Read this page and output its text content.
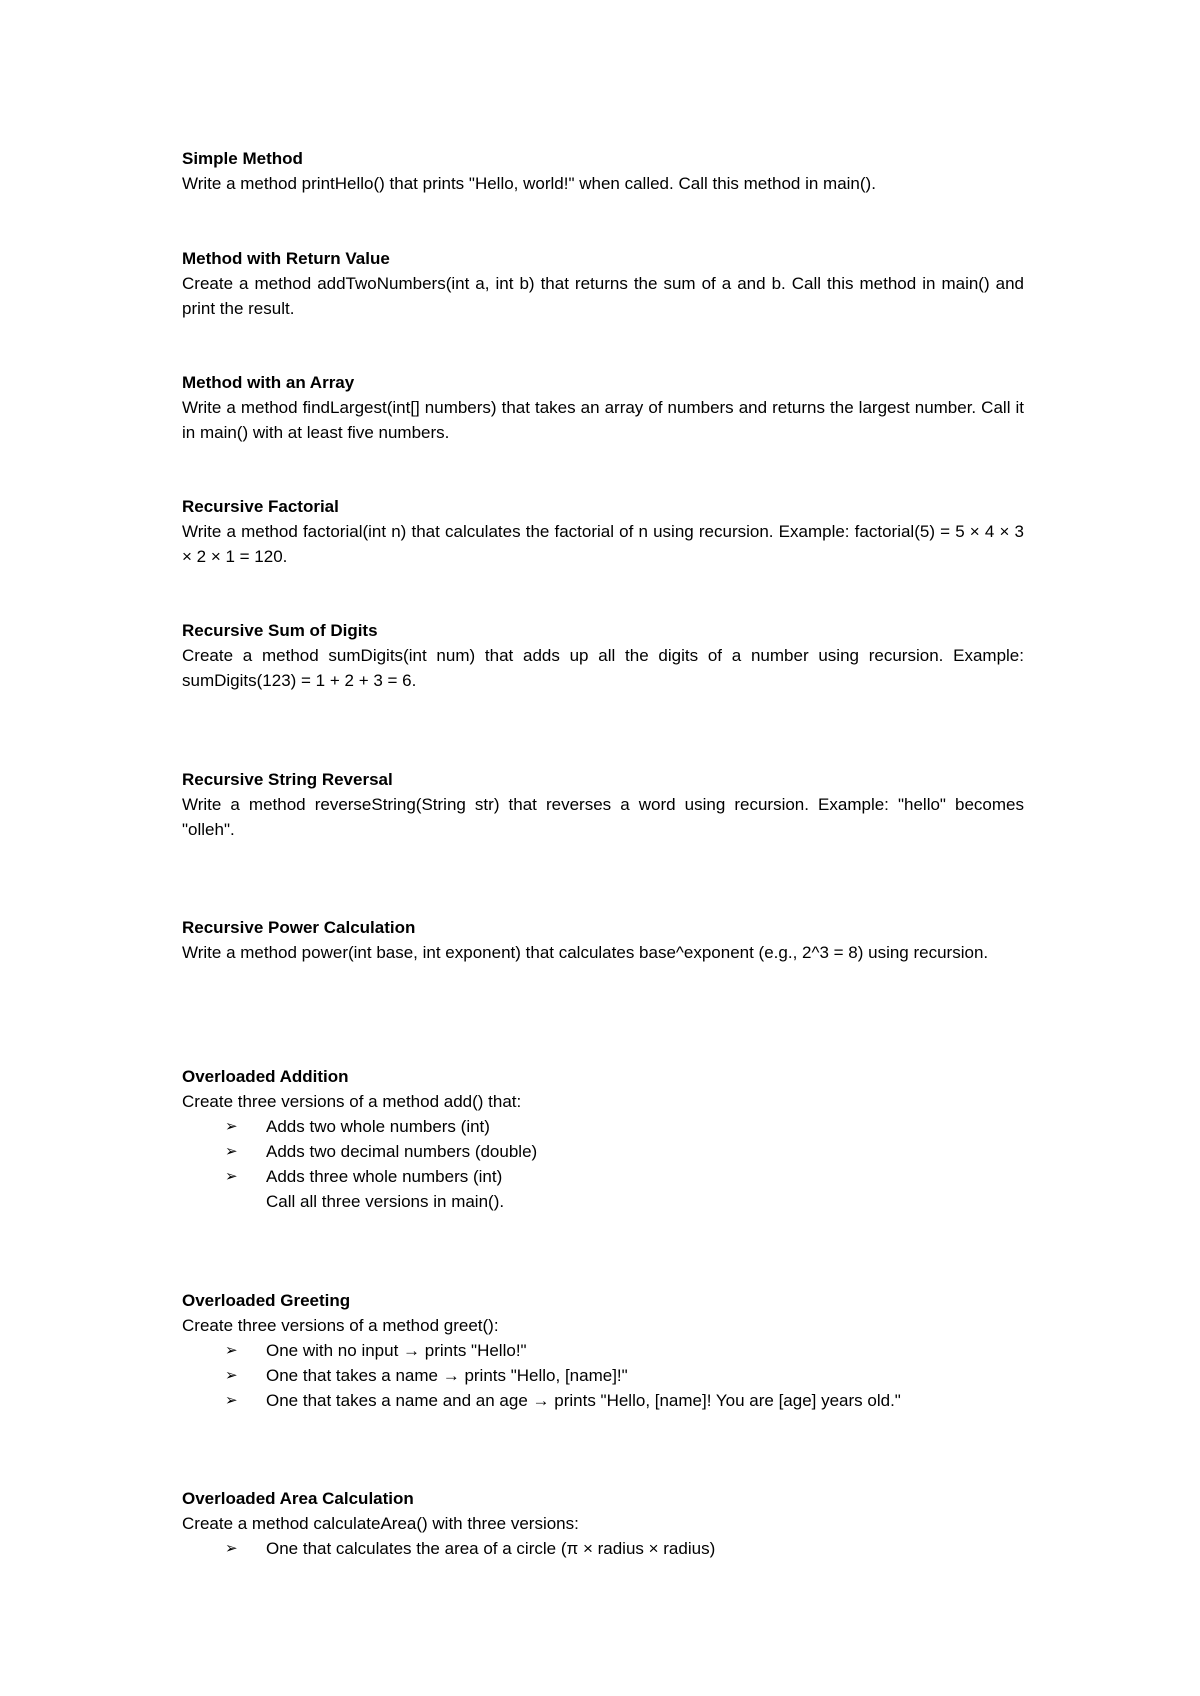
Simple Method

Write a method printHello() that prints "Hello, world!" when called. Call this method in main().

Method with Return Value

Create a method addTwoNumbers(int a, int b) that returns the sum of a and b. Call this method in main() and print the result.

Method with an Array

Write a method findLargest(int[] numbers) that takes an array of numbers and returns the largest number. Call it in main() with at least five numbers.

Recursive Factorial

Write a method factorial(int n) that calculates the factorial of n using recursion. Example: factorial(5) = 5 × 4 × 3 × 2 × 1 = 120.

Recursive Sum of Digits

Create a method sumDigits(int num) that adds up all the digits of a number using recursion. Example: sumDigits(123) = 1 + 2 + 3 = 6.

Recursive String Reversal

Write a method reverseString(String str) that reverses a word using recursion. Example: "hello" becomes "olleh".

Recursive Power Calculation

Write a method power(int base, int exponent) that calculates base^exponent (e.g., 2^3 = 8) using recursion.

Overloaded Addition

Create three versions of a method add() that:

➢ Adds two whole numbers (int)
➢ Adds two decimal numbers (double)
➢ Adds three whole numbers (int)
Call all three versions in main().
Overloaded Greeting

Create three versions of a method greet():

➢ One with no input → prints "Hello!"
➢ One that takes a name → prints "Hello, [name]!"
➢ One that takes a name and an age → prints "Hello, [name]! You are [age] years old."
Overloaded Area Calculation

Create a method calculateArea() with three versions:

➢ One that calculates the area of a circle (π × radius × radius)
